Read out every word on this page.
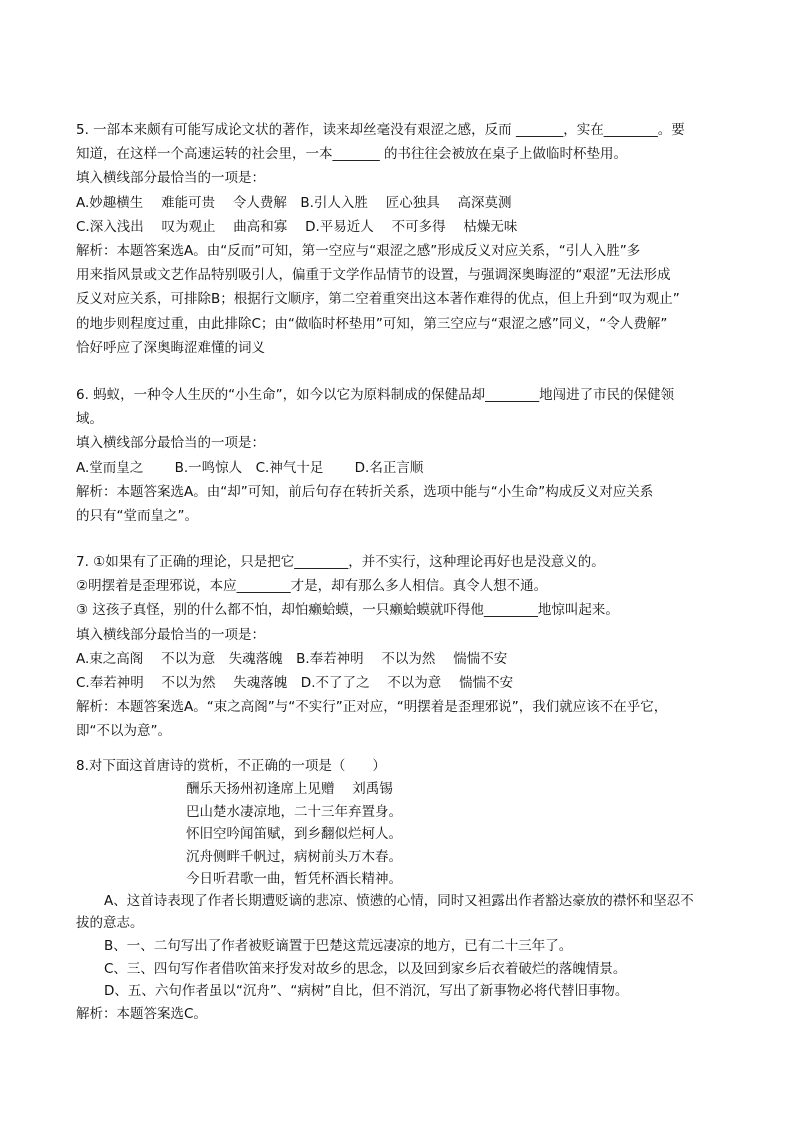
5. 一部本来颇有可能写成论文状的著作，读来却丝毫没有艰涩之感，反而 _______，实在________。要
知道，在这样一个高速运转的社会里，一本_______ 的书往往会被放在桌子上做临时杯垫用。
填入横线部分最恰当的一项是：
A.妙趣横生　 难能可贵　 令人费解　B.引人入胜　 匠心独具　 高深莫测
C.深入浅出　 叹为观止　 曲高和寡　 D.平易近人　 不可多得　 枯燥无味
解析：本题答案选A。由“反而”可知，第一空应与“艰涩之感”形成反义对应关系，“引人入胜”多
用来指风景或文艺作品特别吸引人，偏重于文学作品情节的设置，与强调深奥晦涩的“艰涩”无法形成
反义对应关系，可排除B；根据行文顺序，第二空着重突出这本著作难得的优点，但上升到“叹为观止”
的地步则程度过重，由此排除C；由“做临时杯垫用”可知，第三空应与“艰涩之感”同义，“令人费解”
恰好呼应了深奥晦涩难懂的词义
6. 蚂蚁，一种令人生厌的“小生命”，如今以它为原料制成的保健品却________地闯进了市民的保健领
域。
填入横线部分最恰当的一项是：
A.堂而皇之　　 B.一鸣惊人　C.神气十足　　 D.名正言顺
解析：本题答案选A。由“却”可知，前后句存在转折关系，选项中能与“小生命”构成反义对应关系
的只有“堂而皇之”。
7. ①如果有了正确的理论，只是把它________，并不实行，这种理论再好也是没意义的。
②明摆着是歪理邪说，本应________才是，却有那么多人相信。真令人想不通。
③ 这孩子真怪，别的什么都不怕，却怕癞蛤蟆，一只癞蛤蟆就吓得他________地惊叫起来。
填入横线部分最恰当的一项是：
A.束之高阁　 不以为意　失魂落魄　B.奉若神明　 不以为然　 惴惴不安
C.奉若神明　 不以为然　 失魂落魄　D.不了了之　 不以为意　 惴惴不安
解析：本题答案选A。“束之高阁”与“不实行”正对应，“明摆着是歪理邪说”，我们就应该不在乎它，
即“不以为意”。
8.对下面这首唐诗的赏析，不正确的一项是（　　）
酬乐天扬州初逢席上见赠　 刘禹锡
巴山楚水凄凉地，二十三年弃置身。
怀旧空吟闻笛赋，到乡翻似烂柯人。
沉舟侧畔千帆过，病树前头万木春。
今日听君歌一曲，暂凭杯酒长精神。
A、这首诗表现了作者长期遭贬谪的悲凉、愤懑的心情，同时又袒露出作者豁达豪放的襟怀和坚忍不
拔的意志。
B、一、二句写出了作者被贬谪置于巴楚这荒远凄凉的地方，已有二十三年了。
C、三、四句写作者借吹笛来抒发对故乡的思念，以及回到家乡后衣着破烂的落魄情景。
D、五、六句作者虽以“沉舟”、“病树”自比，但不消沉，写出了新事物必将代替旧事物。
解析：本题答案选C。
